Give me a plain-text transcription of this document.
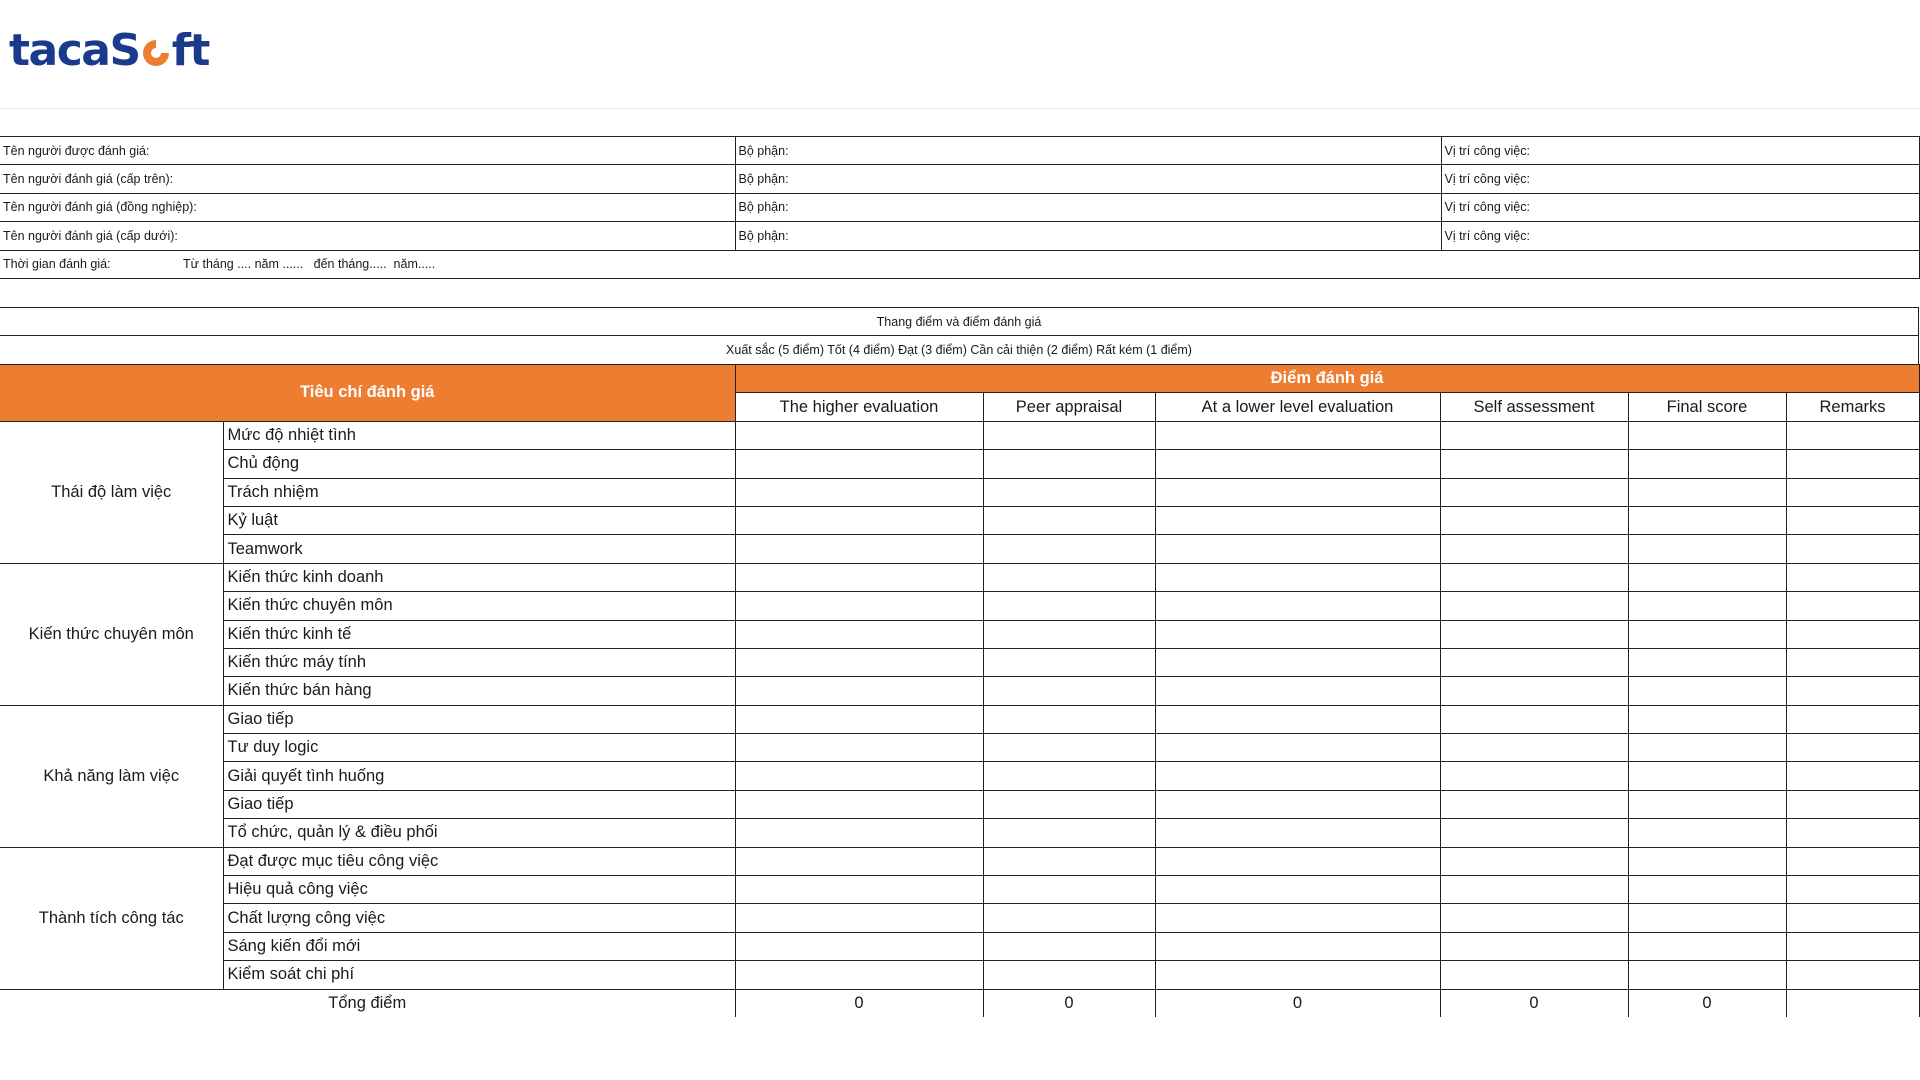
taca S ft
Tên người được đánh giá:	Bộ phận:	Vị trí công việc:
Tên người đánh giá (cấp trên):	Bộ phận:	Vị trí công việc:
Tên người đánh giá (đồng nghiệp):	Bộ phận:	Vị trí công việc:
Tên người đánh giá (cấp dưới):	Bộ phận:	Vị trí công việc:
Thời gian đánh giá: Từ tháng .... năm ......   đến tháng.....  năm.....		
Thang điểm và điểm đánh giá
Xuất sắc (5 điểm) Tốt (4 điểm) Đạt (3 điểm) Cần cải thiện (2 điểm) Rất kém (1 điểm)
Tiêu chí đánh giá		Điểm đánh giá					
		The higher evaluation	Peer appraisal	At a lower level evaluation	Self assessment	Final score	Remarks
Thái độ làm việc	Mức độ nhiệt tình						
	Chủ động						
	Trách nhiệm						
	Kỷ luật						
	Teamwork						
Kiến thức chuyên môn	Kiến thức kinh doanh						
	Kiến thức chuyên môn						
	Kiến thức kinh tế						
	Kiến thức máy tính						
	Kiến thức bán hàng						
Khả năng làm việc	Giao tiếp						
	Tư duy logic						
	Giải quyết tình huống						
	Giao tiếp						
	Tổ chức, quản lý & điều phối						
Thành tích công tác	Đạt được mục tiêu công việc						
	Hiệu quả công việc						
	Chất lượng công việc						
	Sáng kiến đổi mới						
	Kiểm soát chi phí						
Tổng điểm		0	0	0	0	0	
